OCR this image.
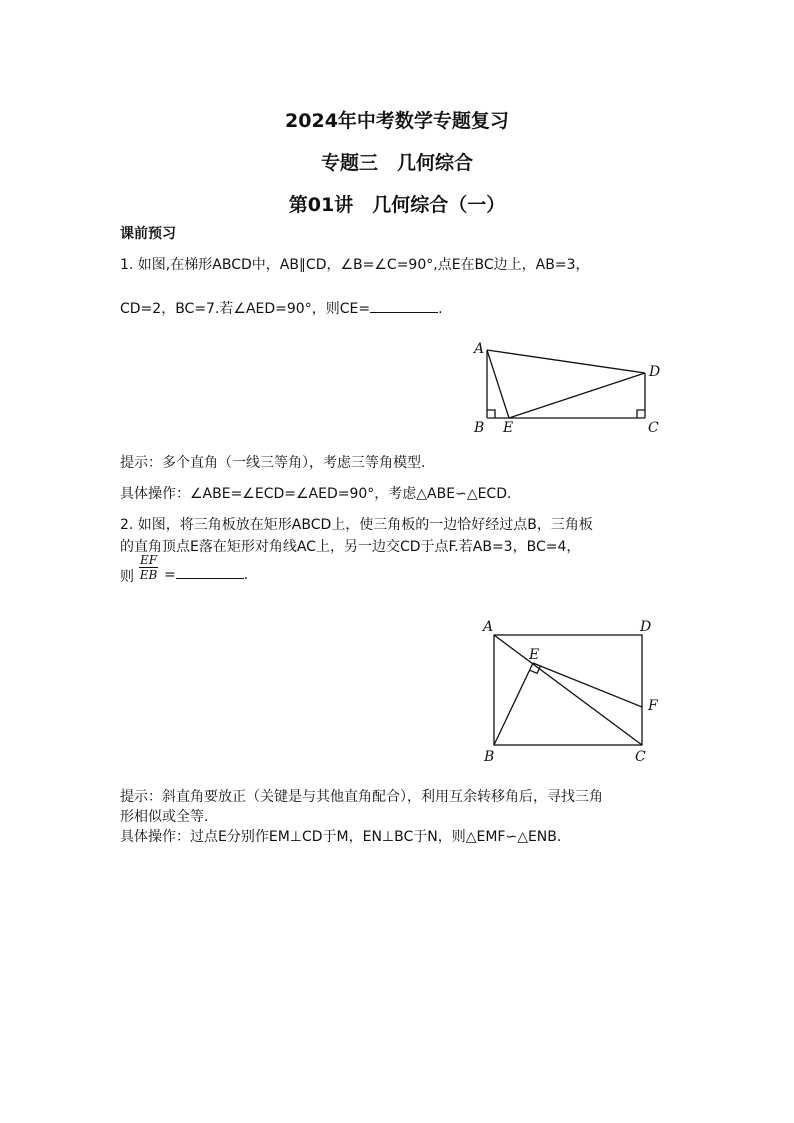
2024年中考数学专题复习
专题三　几何综合
第01讲　几何综合（一）
课前预习
1. 如图,在梯形ABCD中，AB∥CD，∠B=∠C=90°,点E在BC边上，AB=3，
CD=2，BC=7.若∠AED=90°，则CE=	.
A
B E	C
D
提示：多个直角（一线三等角），考虑三等角模型.
具体操作：∠ABE=∠ECD=∠AED=90°，考虑△ABE∽△ECD.
2. 如图，将三角板放在矩形ABCD上，使三角板的一边恰好经过点B，三角板
的直角顶点E落在矩形对角线AC上，另一边交CD于点F.若AB=3，BC=4，
则 $\frac{EF}{EB}$ =	.
A	D
E
F
B	C
提示：斜直角要放正（关键是与其他直角配合），利用互余转移角后，寻找三角
形相似或全等.
具体操作：过点E分别作EM⊥CD于M，EN⊥BC于N，则△EMF∽△ENB.
